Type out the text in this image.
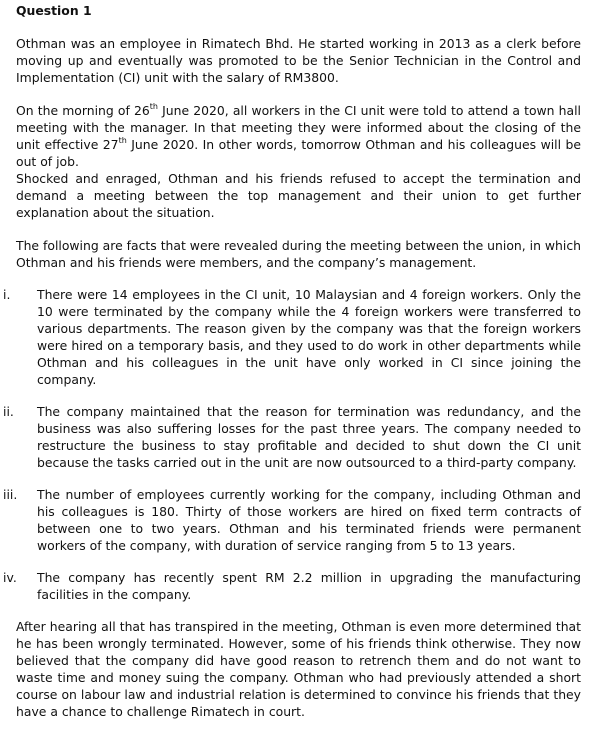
Question 1

Othman was an employee in Rimatech Bhd. He started working in 2013 as a clerk before moving up and eventually was promoted to be the Senior Technician in the Control and Implementation (CI) unit with the salary of RM3800.

On the morning of 26th June 2020, all workers in the CI unit were told to attend a town hall meeting with the manager. In that meeting they were informed about the closing of the unit effective 27th June 2020. In other words, tomorrow Othman and his colleagues will be out of job.

Shocked and enraged, Othman and his friends refused to accept the termination and demand a meeting between the top management and their union to get further explanation about the situation.

The following are facts that were revealed during the meeting between the union, in which Othman and his friends were members, and the company’s management.

i.	There were 14 employees in the CI unit, 10 Malaysian and 4 foreign workers. Only the 10 were terminated by the company while the 4 foreign workers were transferred to various departments. The reason given by the company was that the foreign workers were hired on a temporary basis, and they used to do work in other departments while Othman and his colleagues in the unit have only worked in CI since joining the company.
ii.	The company maintained that the reason for termination was redundancy, and the business was also suffering losses for the past three years. The company needed to restructure the business to stay profitable and decided to shut down the CI unit because the tasks carried out in the unit are now outsourced to a third-party company.
iii.	The number of employees currently working for the company, including Othman and his colleagues is 180. Thirty of those workers are hired on fixed term contracts of between one to two years. Othman and his terminated friends were permanent workers of the company, with duration of service ranging from 5 to 13 years.
iv.	The company has recently spent RM 2.2 million in upgrading the manufacturing facilities in the company.

After hearing all that has transpired in the meeting, Othman is even more determined that he has been wrongly terminated. However, some of his friends think otherwise. They now believed that the company did have good reason to retrench them and do not want to waste time and money suing the company. Othman who had previously attended a short course on labour law and industrial relation is determined to convince his friends that they have a chance to challenge Rimatech in court.
